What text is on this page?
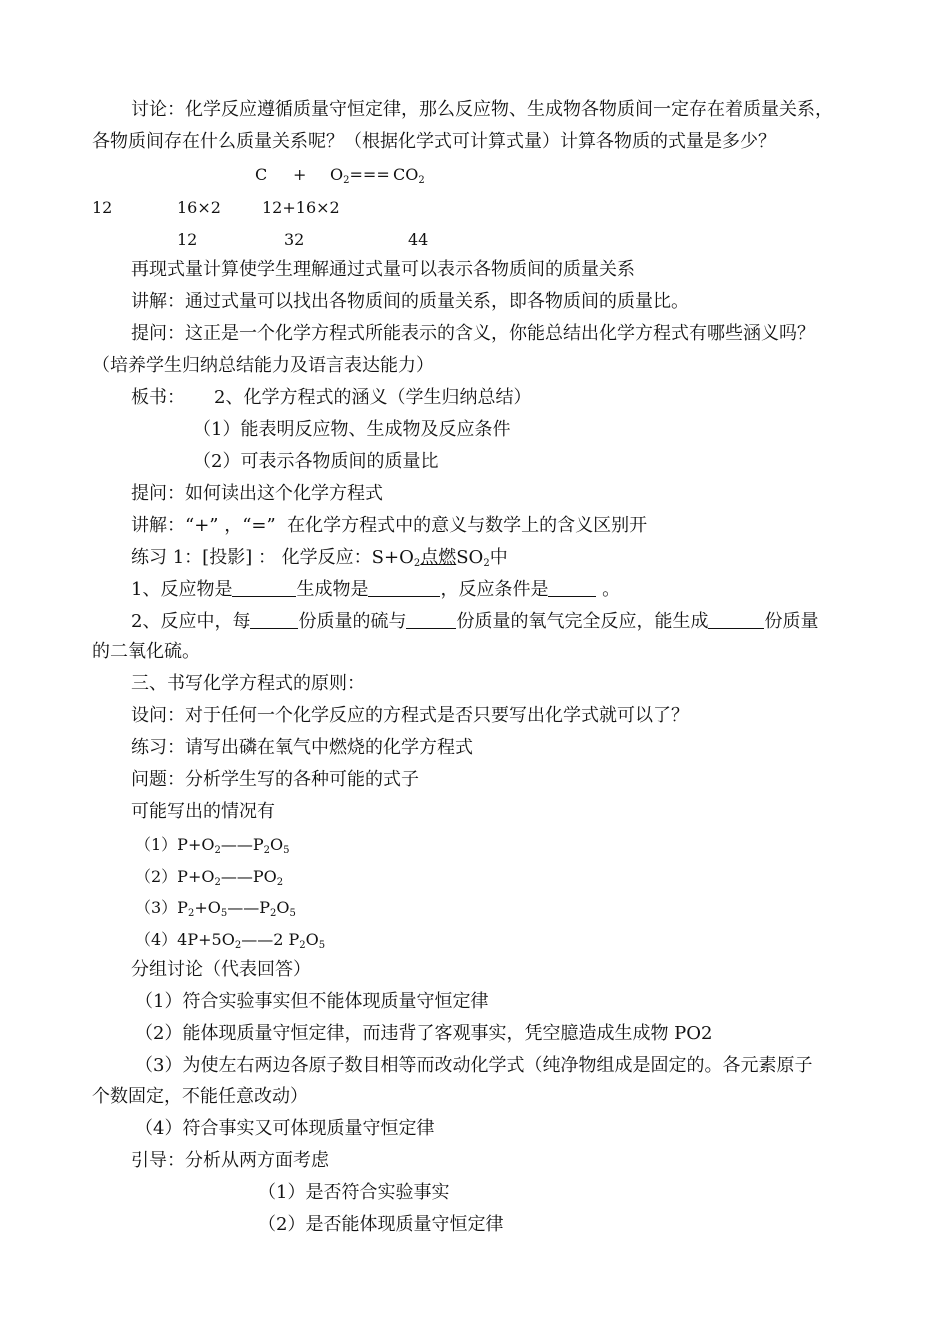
讨论：化学反应遵循质量守恒定律，那么反应物、生成物各物质间一定存在着质量关系，
各物质间存在什么质量关系呢？（根据化学式可计算式量）计算各物质的式量是多少？
$C + O_2=== CO_2$
12	16×2	12+16×2
12	32	44
再现式量计算使学生理解通过式量可以表示各物质间的质量关系
讲解：通过式量可以找出各物质间的质量关系，即各物质间的质量比。
提问：这正是一个化学方程式所能表示的含义，你能总结出化学方程式有哪些涵义吗？
（培养学生归纳总结能力及语言表达能力）
板书： 2、化学方程式的涵义（学生归纳总结）
（1）能表明反应物、生成物及反应条件
（2）可表示各物质间的质量比
提问：如何读出这个化学方程式
讲解：“+” ，“=”  在化学方程式中的意义与数学上的含义区别开
练习 1：[投影] ： 化学反应：$S+O_2$点燃$SO_2$中
1、反应物是	生成物是	，反应条件是	。
2、反应中，每	份质量的硫与	份质量的氧气完全反应，能生成	份质量
的二氧化硫。
三、书写化学方程式的原则：
设问：对于任何一个化学反应的方程式是否只要写出化学式就可以了？
练习：请写出磷在氧气中燃烧的化学方程式
问题：分析学生写的各种可能的式子
可能写出的情况有
$(1)P+O_2——P_2O_5$
$(2)P+O_2——PO_2$
$(3)P_2+O_5——P_2O_5$
$(4)4P+5O_2——2$ $P_2O_5$
分组讨论（代表回答）
（1）符合实验事实但不能体现质量守恒定律
（2）能体现质量守恒定律，而违背了客观事实，凭空臆造成生成物 PO2
（3）为使左右两边各原子数目相等而改动化学式（纯净物组成是固定的。各元素原子
个数固定，不能任意改动）
（4）符合事实又可体现质量守恒定律
引导：分析从两方面考虑
（1）是否符合实验事实
（2）是否能体现质量守恒定律
